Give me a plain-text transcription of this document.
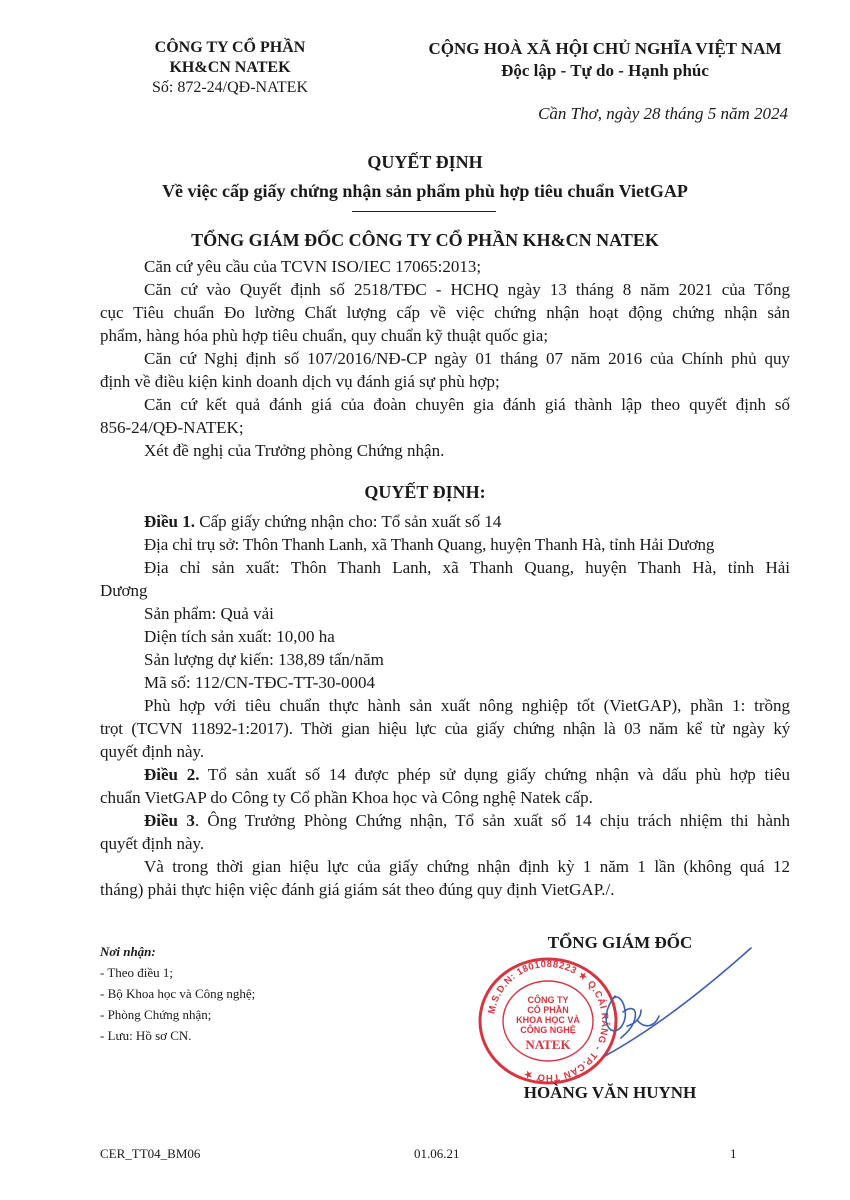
CÔNG TY CỔ PHẦN
KH&CN NATEK
Số: 872-24/QĐ-NATEK
CỘNG HOÀ XÃ HỘI CHỦ NGHĨA VIỆT NAM
Độc lập - Tự do - Hạnh phúc
Cần Thơ, ngày 28 tháng 5 năm 2024
QUYẾT ĐỊNH
Về việc cấp giấy chứng nhận sản phẩm phù hợp tiêu chuẩn VietGAP
TỔNG GIÁM ĐỐC CÔNG TY CỔ PHẦN KH&CN NATEK
Căn cứ yêu cầu của TCVN ISO/IEC 17065:2013;
Căn cứ vào Quyết định số 2518/TĐC - HCHQ ngày 13 tháng 8 năm 2021 của Tổng
cục Tiêu chuẩn Đo lường Chất lượng cấp về việc chứng nhận hoạt động chứng nhận sản
phẩm, hàng hóa phù hợp tiêu chuẩn, quy chuẩn kỹ thuật quốc gia;
Căn cứ Nghị định số 107/2016/NĐ-CP ngày 01 tháng 07 năm 2016 của Chính phủ quy
định về điều kiện kinh doanh dịch vụ đánh giá sự phù hợp;
Căn cứ kết quả đánh giá của đoàn chuyên gia đánh giá thành lập theo quyết định số
856-24/QĐ-NATEK;
Xét đề nghị của Trưởng phòng Chứng nhận.
QUYẾT ĐỊNH:
Điều 1. Cấp giấy chứng nhận cho: Tổ sản xuất số 14
Địa chỉ trụ sở: Thôn Thanh Lanh, xã Thanh Quang, huyện Thanh Hà, tỉnh Hải Dương
Địa chỉ sản xuất: Thôn Thanh Lanh, xã Thanh Quang, huyện Thanh Hà, tỉnh Hải
Dương
Sản phẩm: Quả vải
Diện tích sản xuất: 10,00 ha
Sản lượng dự kiến: 138,89 tấn/năm
Mã số: 112/CN-TĐC-TT-30-0004
Phù hợp với tiêu chuẩn thực hành sản xuất nông nghiệp tốt (VietGAP), phần 1: trồng
trọt (TCVN 11892-1:2017). Thời gian hiệu lực của giấy chứng nhận là 03 năm kể từ ngày ký
quyết định này.
Điều 2. Tổ sản xuất số 14 được phép sử dụng giấy chứng nhận và dấu phù hợp tiêu
chuẩn VietGAP do Công ty Cổ phần Khoa học và Công nghệ Natek cấp.
Điều 3. Ông Trưởng Phòng Chứng nhận, Tổ sản xuất số 14 chịu trách nhiệm thi hành
quyết định này.
Và trong thời gian hiệu lực của giấy chứng nhận định kỳ 1 năm 1 lần (không quá 12
tháng) phải thực hiện việc đánh giá giám sát theo đúng quy định VietGAP./.
Nơi nhận:
- Theo điều 1;
- Bộ Khoa học và Công nghệ;
- Phòng Chứng nhận;
- Lưu: Hồ sơ CN.
TỔNG GIÁM ĐỐC
M.S.D.N: 1801088223 ★ Q.CÁI RĂNG - TP.CẦN THƠ ★
CÔNG TY
CỔ PHẦN
KHOA HỌC VÀ
CÔNG NGHỆ
NATEK
HOÀNG VĂN HUYNH
CER_TT04_BM06	01.06.21	1
